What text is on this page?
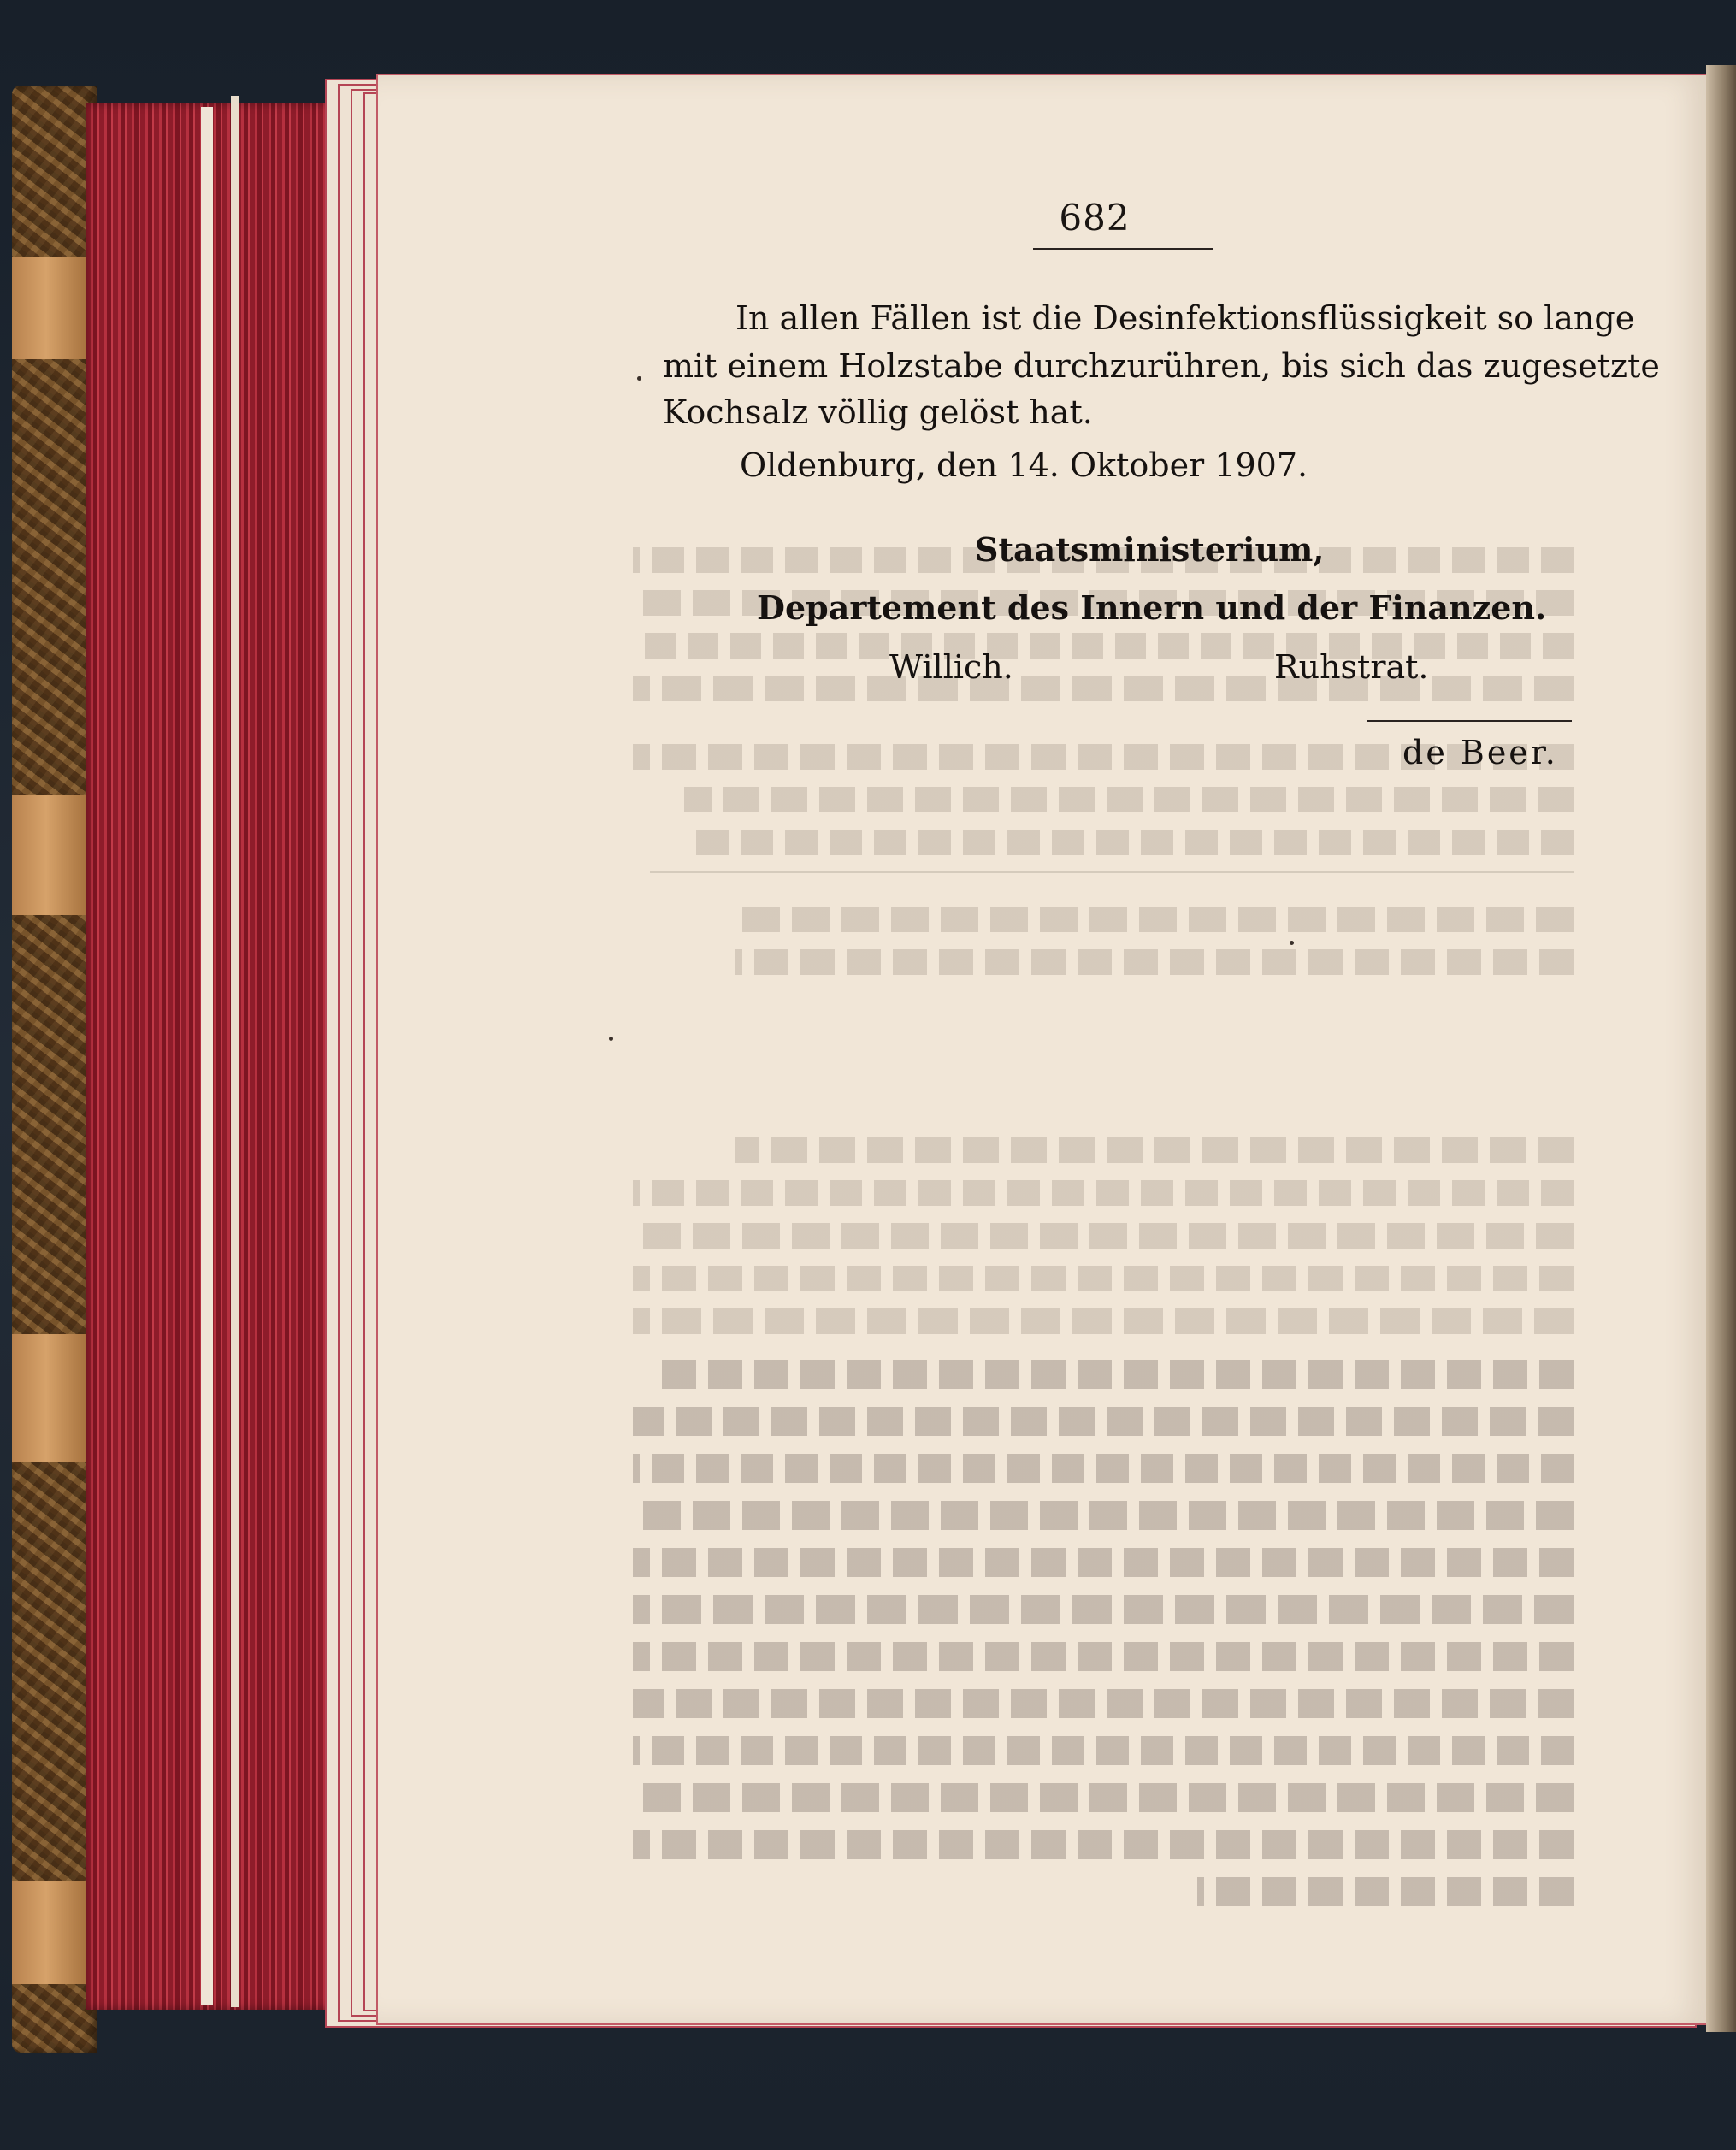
682
In allen Fällen ist die Desinfektionsflüssigkeit so lange
mit einem Holzstabe durchzurühren, bis sich das zugesetzte
Kochsalz völlig gelöst hat.
Oldenburg, den 14. Oktober 1907.
Staatsministerium,
Departement des Innern und der Finanzen.
Willich.	Ruhstrat.
de Beer.
